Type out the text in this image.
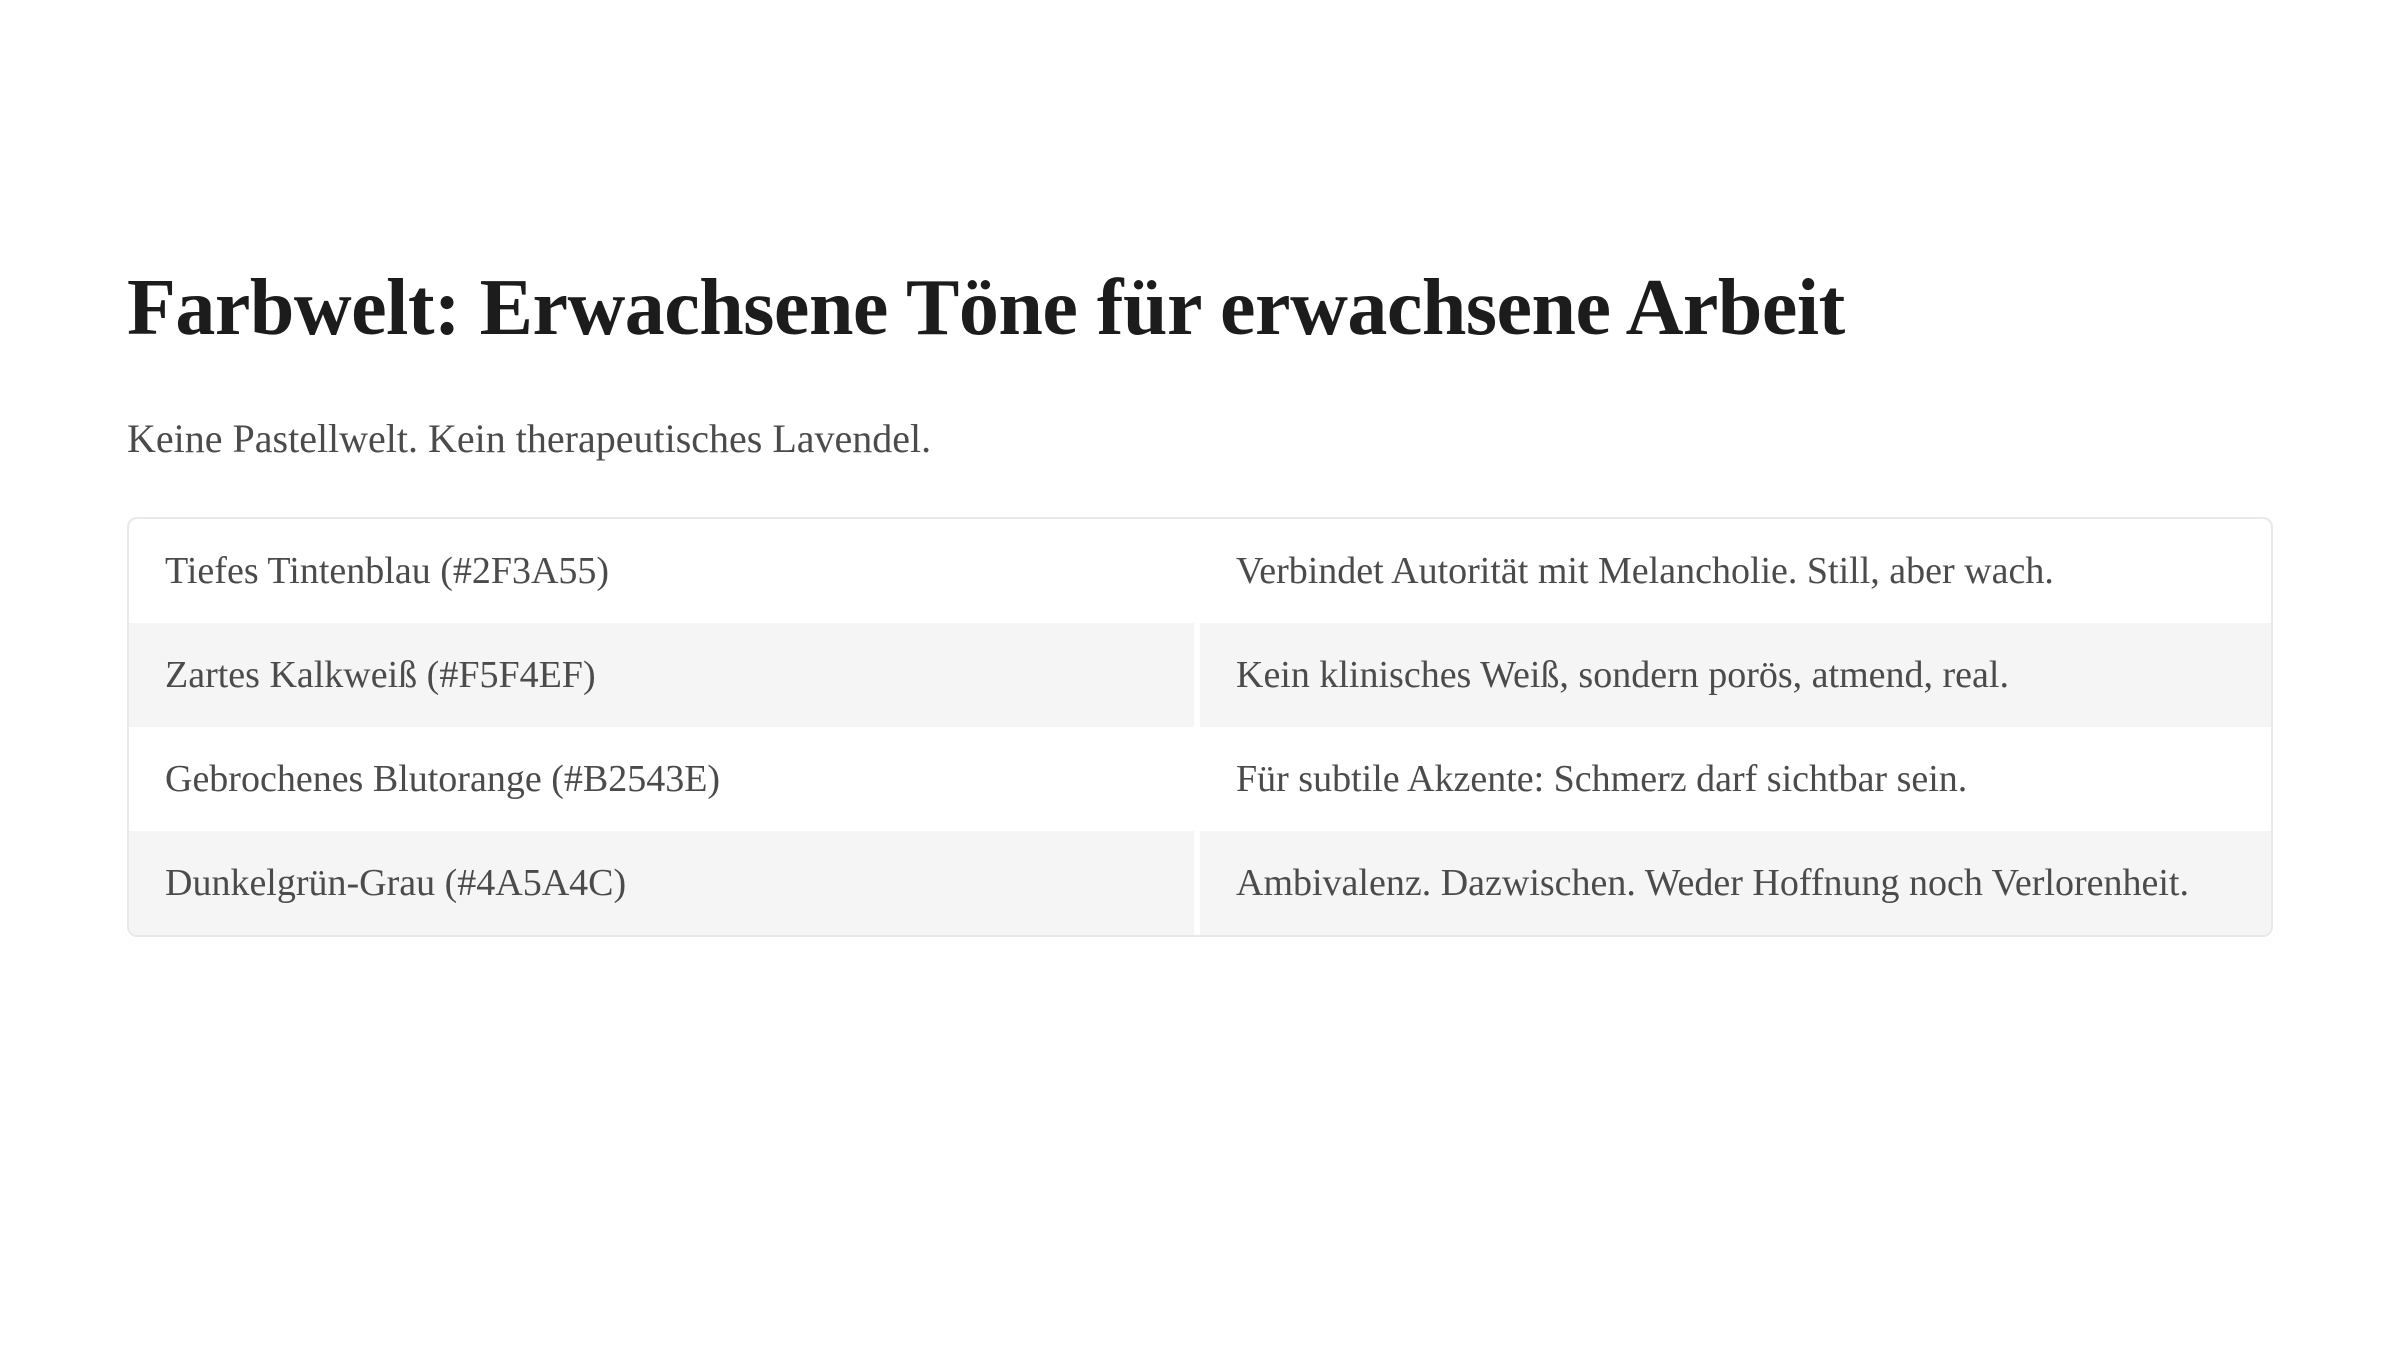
Farbwelt: Erwachsene Töne für erwachsene Arbeit

Keine Pastellwelt. Kein therapeutisches Lavendel.

Tiefes Tintenblau (#2F3A55)	Verbindet Autorität mit Melancholie. Still, aber wach.
Zartes Kalkweiß (#F5F4EF)	Kein klinisches Weiß, sondern porös, atmend, real.
Gebrochenes Blutorange (#B2543E)	Für subtile Akzente: Schmerz darf sichtbar sein.
Dunkelgrün-Grau (#4A5A4C)	Ambivalenz. Dazwischen. Weder Hoffnung noch Verlorenheit.
